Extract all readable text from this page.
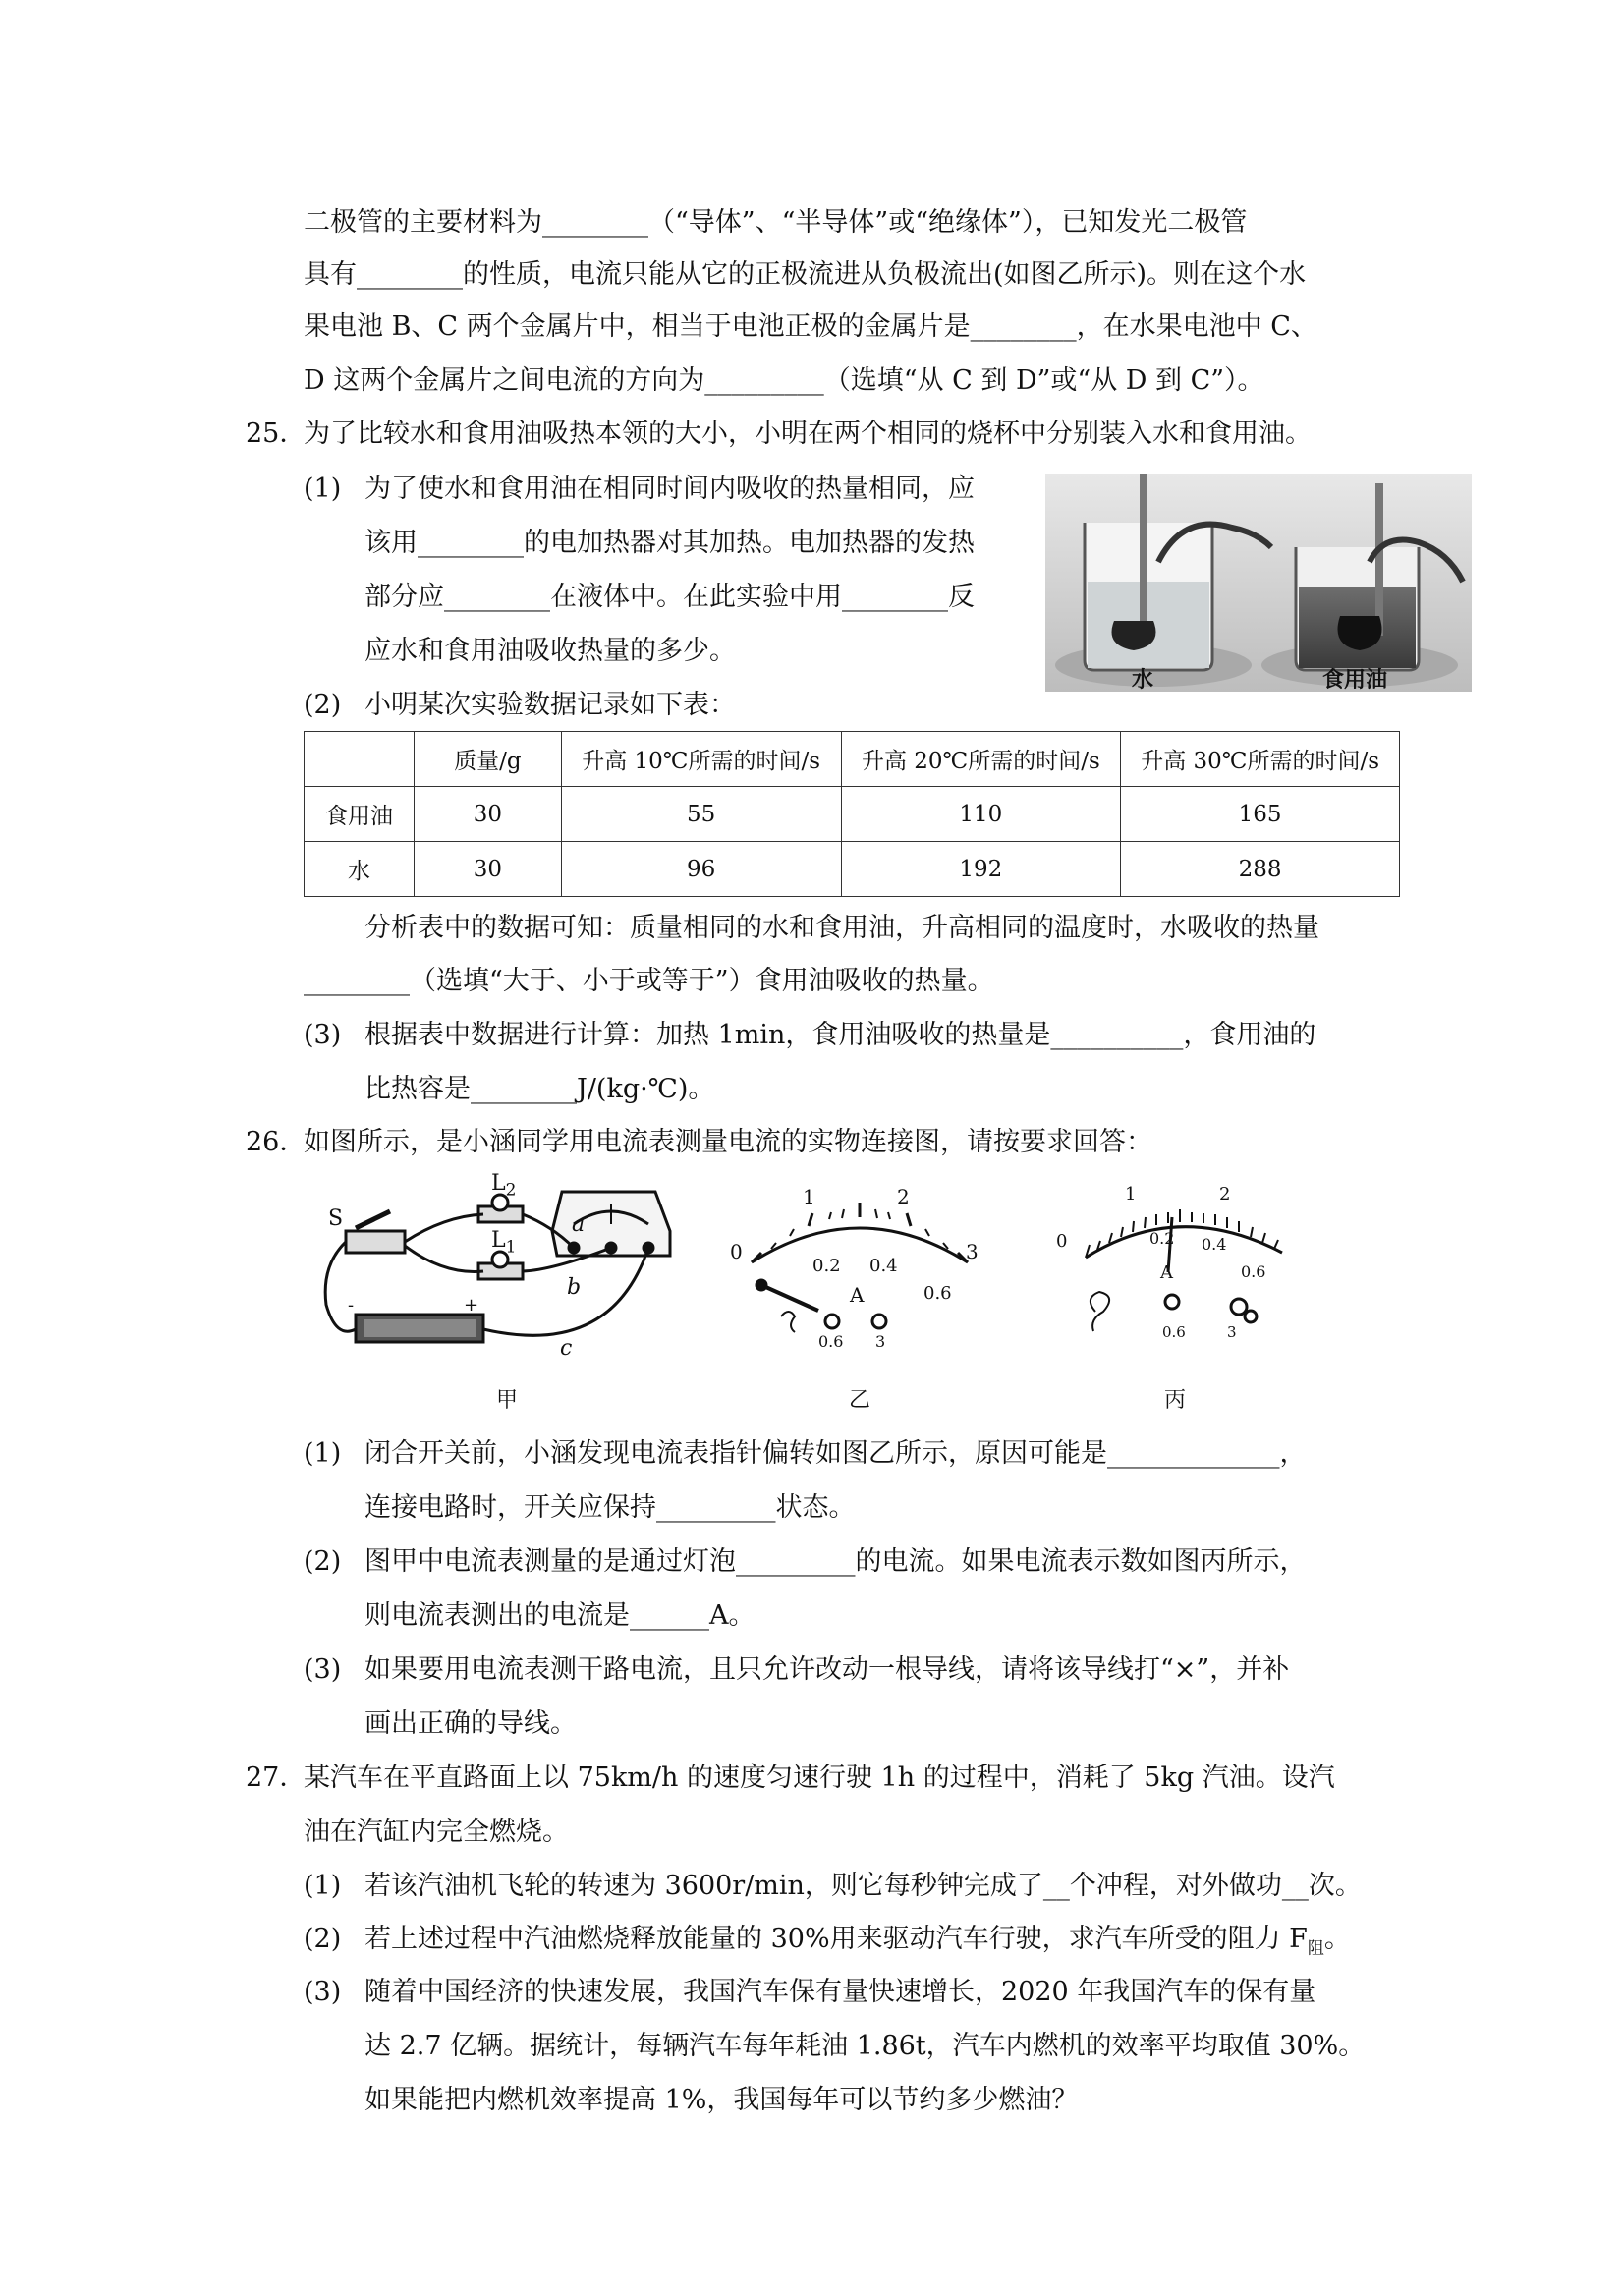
二极管的主要材料为________（“导体”、“半导体”或“绝缘体”），已知发光二极管
具有________的性质，电流只能从它的正极流进从负极流出(如图乙所示)。则在这个水
果电池 B、C 两个金属片中，相当于电池正极的金属片是________，在水果电池中 C、
D 这两个金属片之间电流的方向为_________（选填“从 C 到 D”或“从 D 到 C”）。
25．
为了比较水和食用油吸热本领的大小，小明在两个相同的烧杯中分别装入水和食用油。
(1) 为了使水和食用油在相同时间内吸收的热量相同，应
该用________的电加热器对其加热。电加热器的发热
部分应________在液体中。在此实验中用________反
应水和食用油吸收热量的多少。
水	食用油
(2) 小明某次实验数据记录如下表：
	质量/g	升高 10℃所需的时间/s	升高 20℃所需的时间/s	升高 30℃所需的时间/s
食用油	30	55	110	165
水	30	96	192	288
分析表中的数据可知：质量相同的水和食用油，升高相同的温度时，水吸收的热量
________（选填“大于、小于或等于”）食用油吸收的热量。
(3) 根据表中数据进行计算：加热 1min，食用油吸收的热量是__________，食用油的
比热容是________J/(kg·℃)。
26．
如图所示，是小涵同学用电流表测量电流的实物连接图，请按要求回答：
S
$L_2$
$L_1$
a
b
c
-	+
甲
0
1	2
3
0.2 0.4
0.6
A
0.6 3
乙
0
1	2
0.2 0.4
0.6
A
0.6	3
丙
(1) 闭合开关前，小涵发现电流表指针偏转如图乙所示，原因可能是_____________，
连接电路时，开关应保持_________状态。
(2) 图甲中电流表测量的是通过灯泡_________的电流。如果电流表示数如图丙所示，
则电流表测出的电流是______A。
(3) 如果要用电流表测干路电流，且只允许改动一根导线，请将该导线打“×”，并补
画出正确的导线。
27．
某汽车在平直路面上以 75km/h 的速度匀速行驶 1h 的过程中，消耗了 5kg 汽油。设汽
油在汽缸内完全燃烧。
(1) 若该汽油机飞轮的转速为 3600r/min，则它每秒钟完成了__个冲程，对外做功__次。
(2) 若上述过程中汽油燃烧释放能量的 30%用来驱动汽车行驶，求汽车所受的阻力 $F_阻$。
(3) 随着中国经济的快速发展，我国汽车保有量快速增长，2020 年我国汽车的保有量
达 2.7 亿辆。据统计，每辆汽车每年耗油 1.86t，汽车内燃机的效率平均取值 30%。
如果能把内燃机效率提高 1%，我国每年可以节约多少燃油？
